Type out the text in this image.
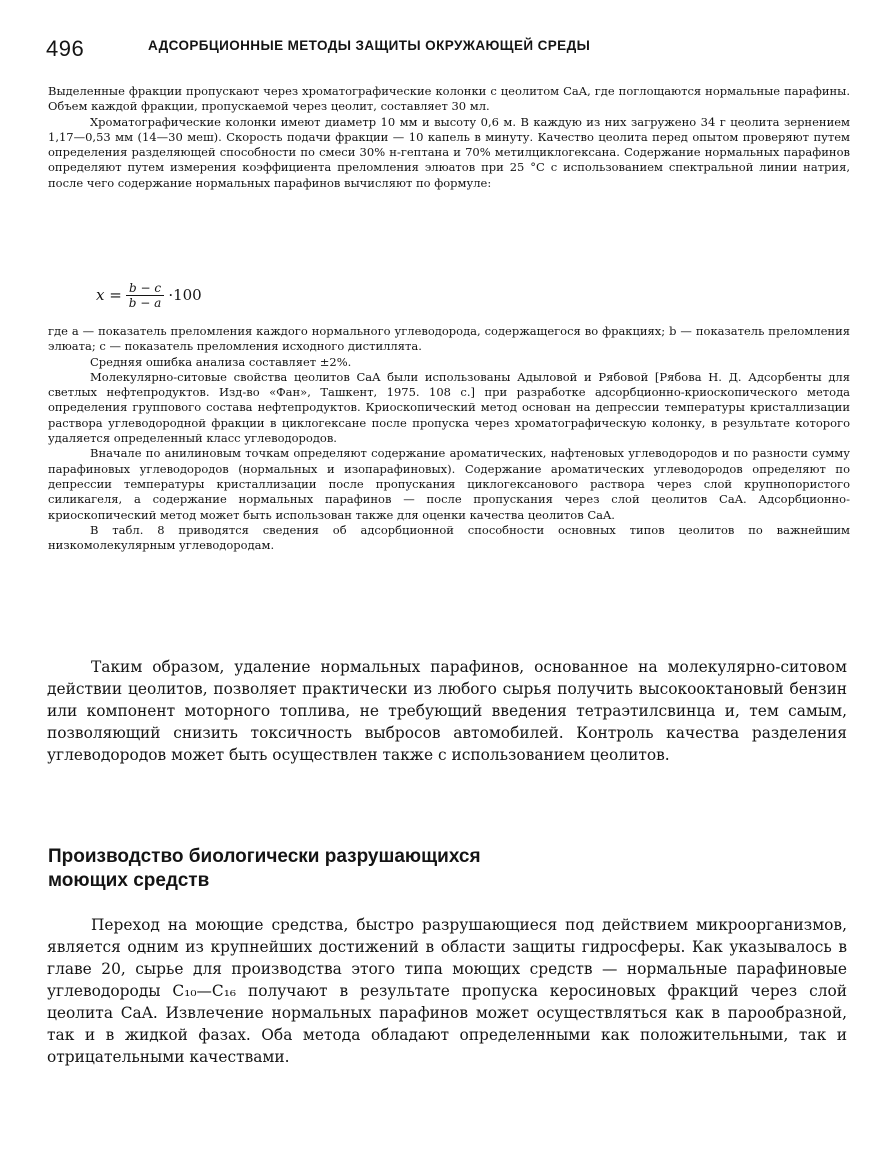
496	АДСОРБЦИОННЫЕ МЕТОДЫ ЗАЩИТЫ ОКРУЖАЮЩЕЙ СРЕДЫ

Выделенные фракции пропускают через хроматографические колонки с цеолитом CaA, где поглощаются нормальные парафины. Объем каждой фракции, пропускаемой через цеолит, составляет 30 мл.

Хроматографические колонки имеют диаметр 10 мм и высоту 0,6 м. В каждую из них загружено 34 г цеолита зернением 1,17—0,53 мм (14—30 меш). Скорость подачи фракции — 10 капель в минуту. Качество цеолита перед опытом проверяют путем определения разделяющей способности по смеси 30% н-гептана и 70% метилциклогексана. Содержание нормальных парафинов определяют путем измерения коэффициента преломления элюатов при 25 °С с использованием спектральной линии натрия, после чего содержание нормальных парафинов вычисляют по формуле:

$x = \frac{b - c}{b - a} \cdot 100$

где a — показатель преломления каждого нормального углеводорода, содержащегося во фракциях; b — показатель преломления элюата; c — показатель преломления исходного дистиллята.

Средняя ошибка анализа составляет ±2%.

Молекулярно-ситовые свойства цеолитов CaA были использованы Адыловой и Рябовой [Рябова Н. Д. Адсорбенты для светлых нефтепродуктов. Изд-во «Фан», Ташкент, 1975. 108 с.] при разработке адсорбционно-криоскопического метода определения группового состава нефтепродуктов. Криоскопический метод основан на депрессии температуры кристаллизации раствора углеводородной фракции в циклогексане после пропуска через хроматографическую колонку, в результате которого удаляется определенный класс углеводородов.

Вначале по анилиновым точкам определяют содержание ароматических, нафтеновых углеводородов и по разности сумму парафиновых углеводородов (нормальных и изопарафиновых). Содержание ароматических углеводородов определяют по депрессии температуры кристаллизации после пропускания циклогексанового раствора через слой крупнопористого силикагеля, а содержание нормальных парафинов — после пропускания через слой цеолитов CaA. Адсорбционно-криоскопический метод может быть использован также для оценки качества цеолитов CaA.

В табл. 8 приводятся сведения об адсорбционной способности основных типов цеолитов по важнейшим низкомолекулярным углеводородам.

Таким образом, удаление нормальных парафинов, основанное на молекулярно-ситовом действии цеолитов, позволяет практически из любого сырья получить высокооктановый бензин или компонент моторного топлива, не требующий введения тетраэтилсвинца и, тем самым, позволяющий снизить токсичность выбросов автомобилей. Контроль качества разделения углеводородов может быть осуществлен также с использованием цеолитов.

Производство биологически разрушающихся
моющих средств

Переход на моющие средства, быстро разрушающиеся под действием микроорганизмов, является одним из крупнейших достижений в области защиты гидросферы. Как указывалось в главе 20, сырье для производства этого типа моющих средств — нормальные парафиновые углеводороды C₁₀—C₁₆ получают в результате пропуска керосиновых фракций через слой цеолита CaA. Извлечение нормальных парафинов может осуществляться как в парообразной, так и в жидкой фазах. Оба метода обладают определенными как положительными, так и отрицательными качествами.
